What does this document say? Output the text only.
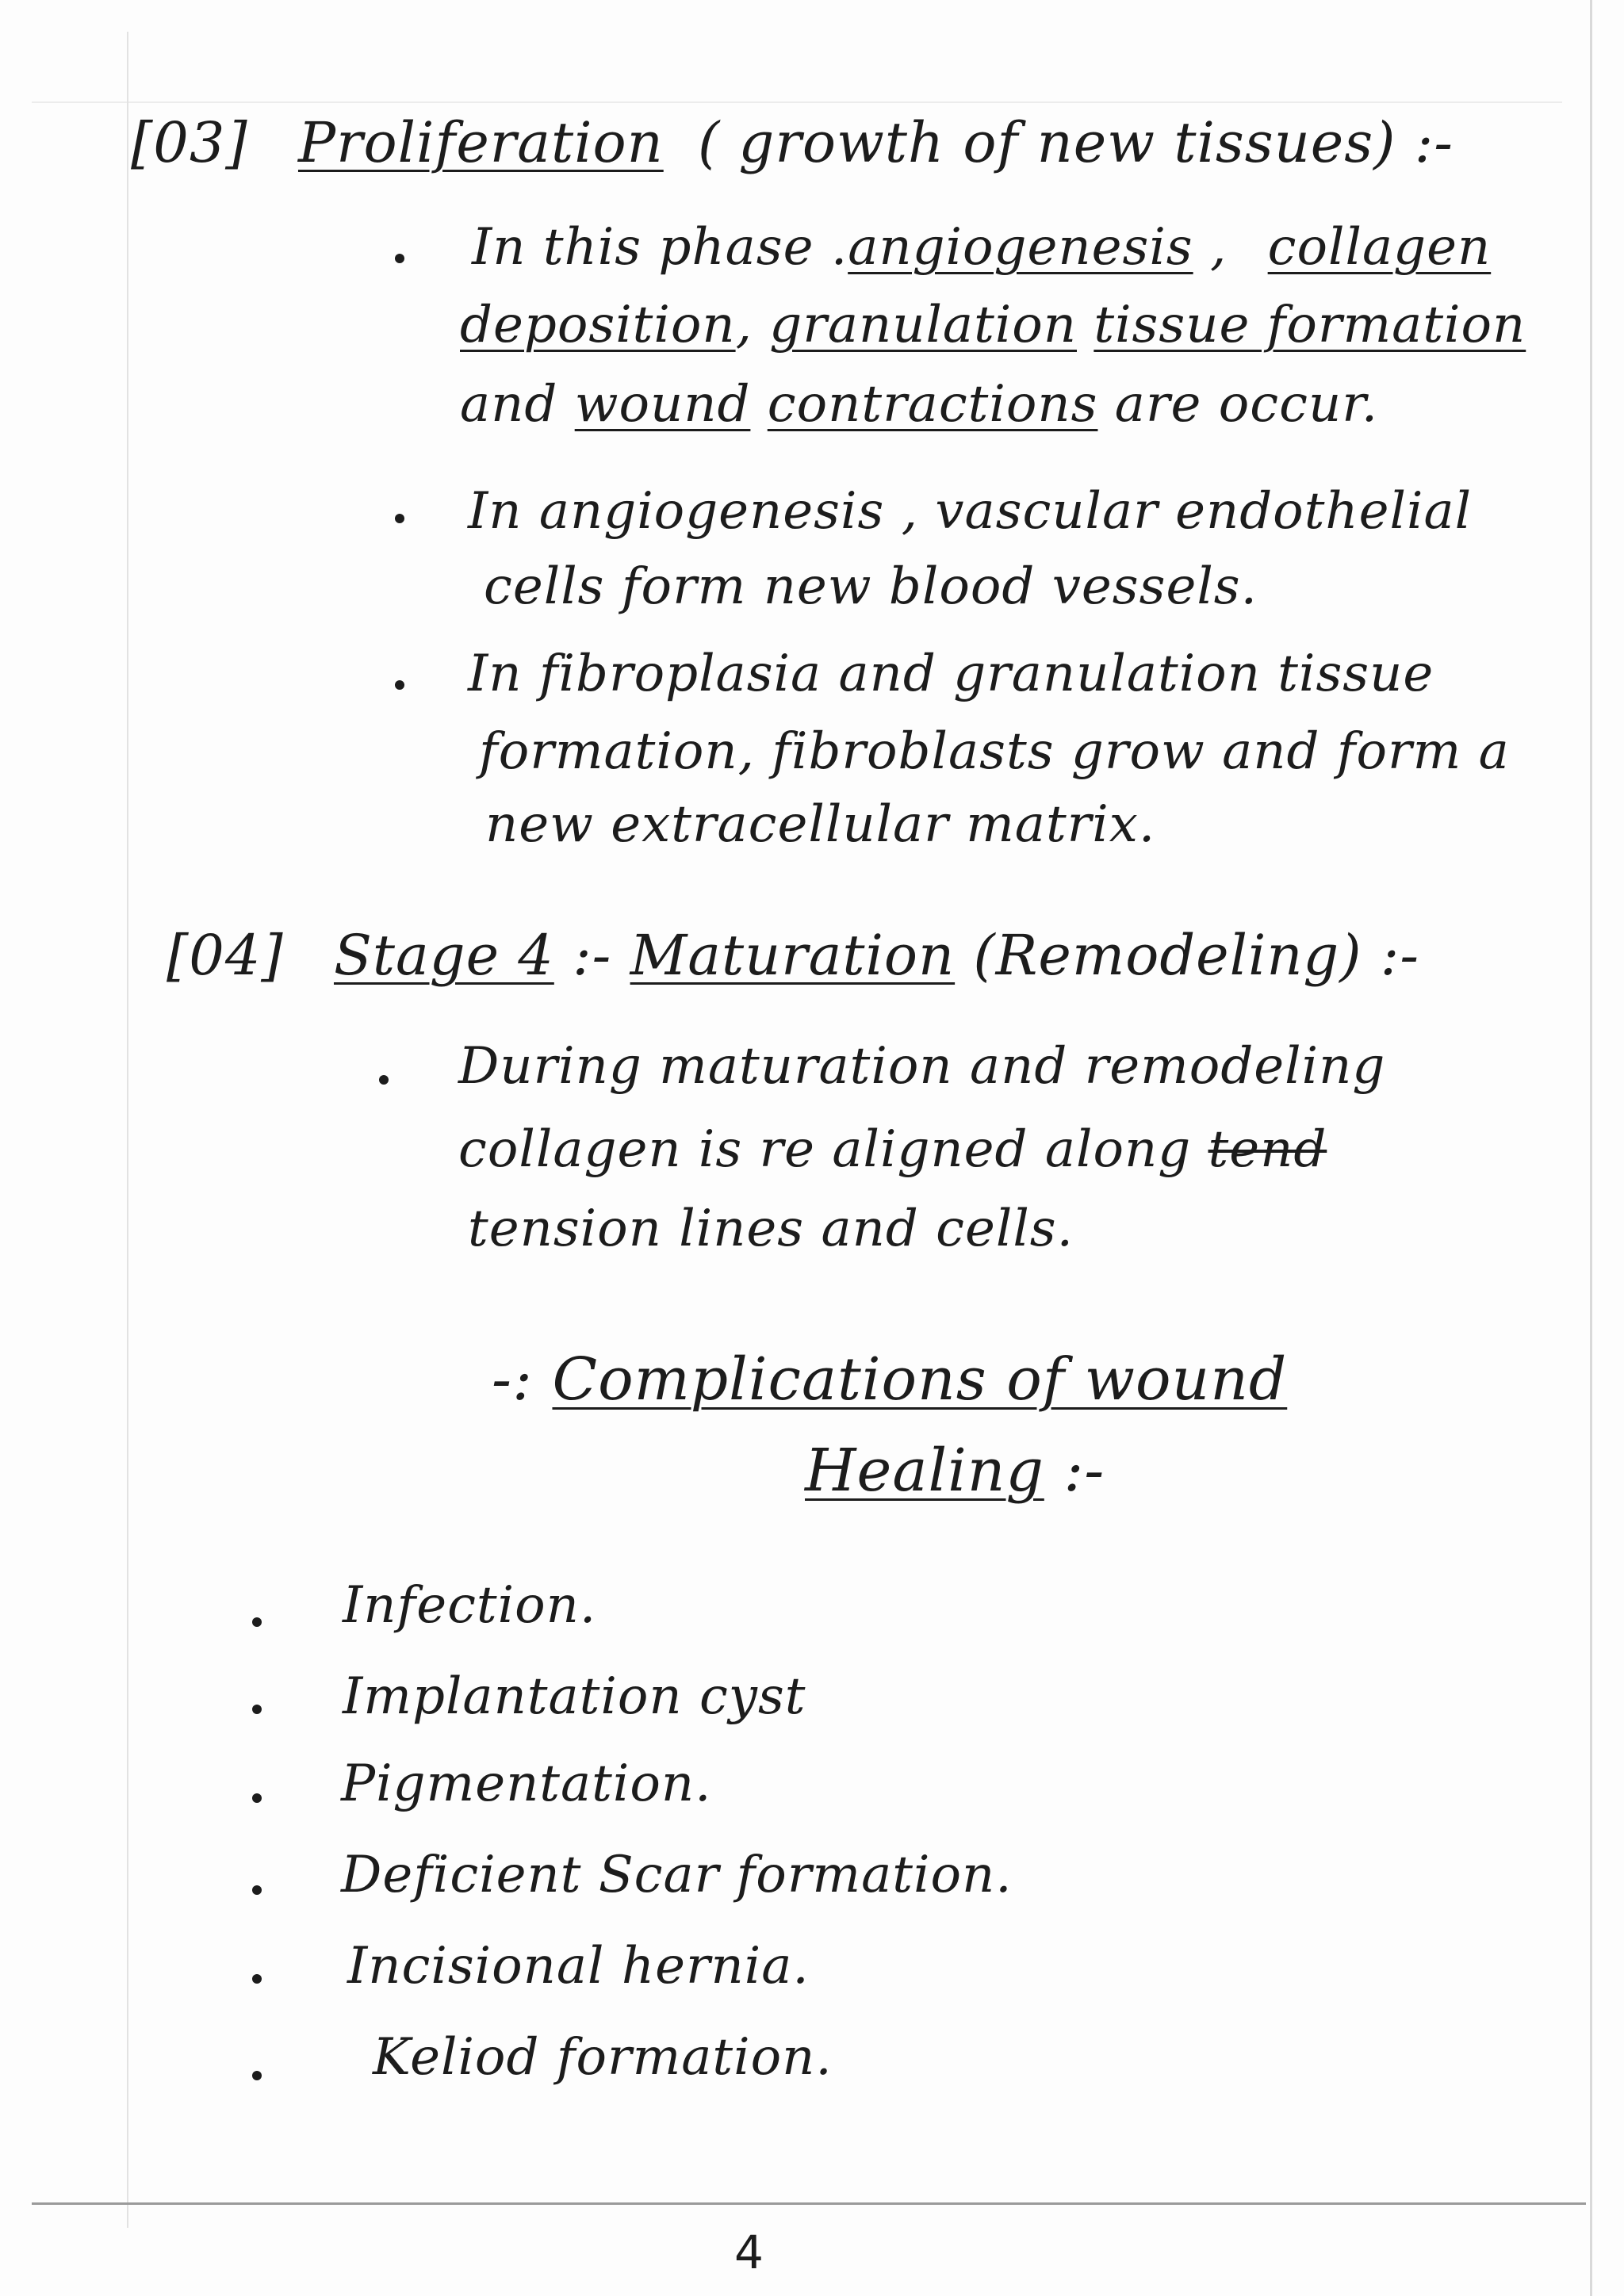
[03] Proliferation ( growth of new tissues) :-
In this phase .angiogenesis , collagen
deposition, granulation tissue formation
and wound contractions are occur.
In angiogenesis , vascular endothelial
cells form new blood vessels.
In fibroplasia and granulation tissue
formation, fibroblasts grow and form a
new extracellular matrix.
[04] Stage 4 :- Maturation (Remodeling) :-
During maturation and remodeling
collagen is re aligned along tend
tension lines and cells.
-: Complications of wound
Healing :-
Infection.
Implantation cyst
Pigmentation.
Deficient Scar formation.
Incisional hernia.
Keliod formation.
4
